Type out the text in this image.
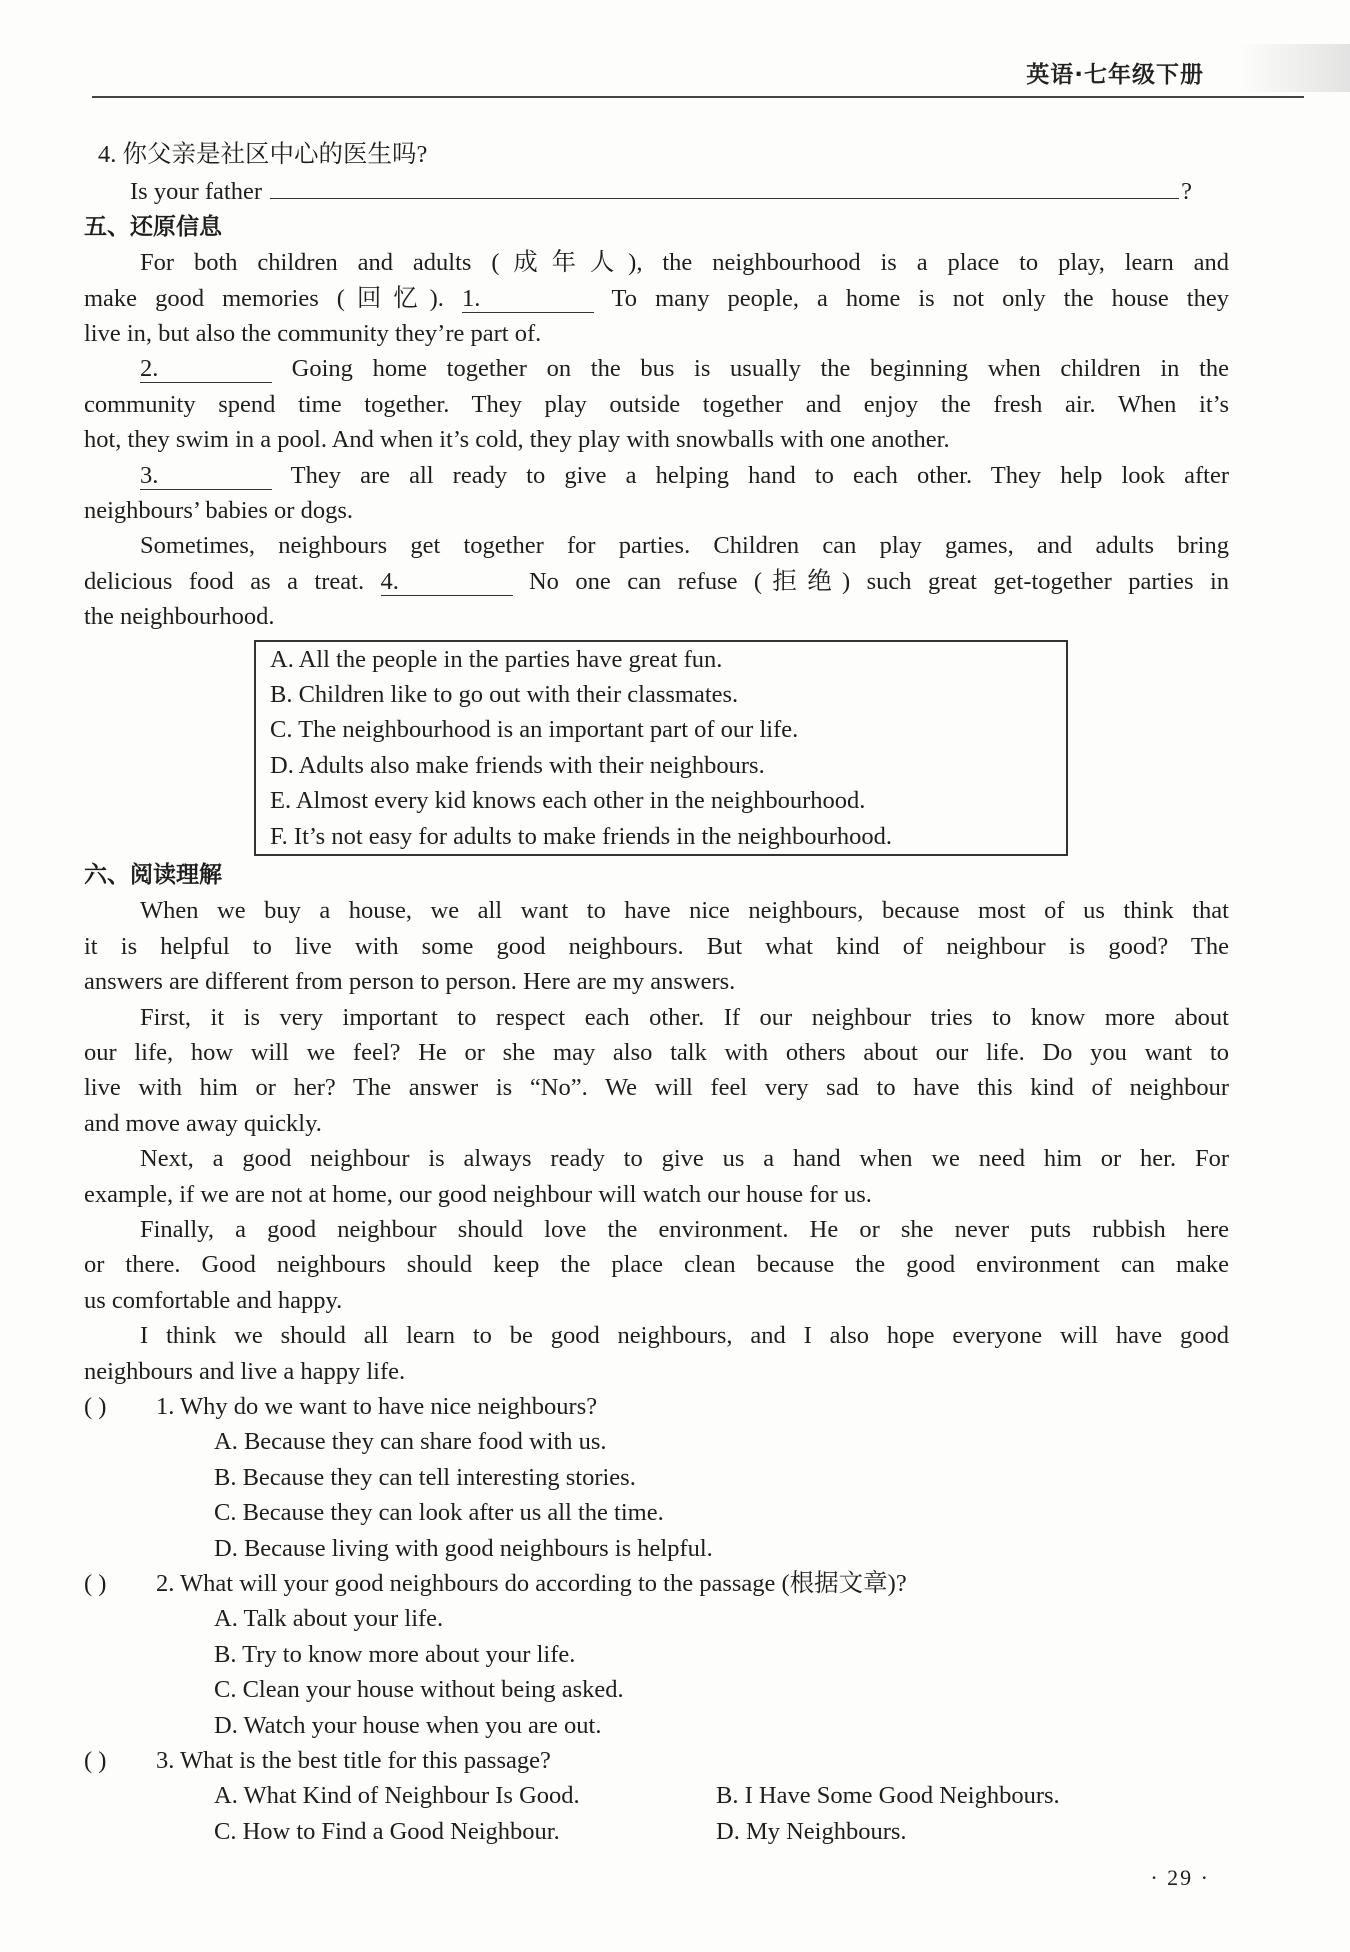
英语·七年级下册
4. 你父亲是社区中心的医生吗?
Is your father	?
五、还原信息
For both children and adults (成年人), the neighbourhood is a place to play, learn and
make good memories (回忆). 1.	To many people, a home is not only the house they
live in, but also the community they’re part of.
2.	Going home together on the bus is usually the beginning when children in the
community spend time together. They play outside together and enjoy the fresh air. When it’s
hot, they swim in a pool. And when it’s cold, they play with snowballs with one another.
3.	They are all ready to give a helping hand to each other. They help look after
neighbours’ babies or dogs.
Sometimes, neighbours get together for parties. Children can play games, and adults bring
delicious food as a treat. 4.	No one can refuse (拒绝) such great get-together parties in
the neighbourhood.
A. All the people in the parties have great fun.
B. Children like to go out with their classmates.
C. The neighbourhood is an important part of our life.
D. Adults also make friends with their neighbours.
E. Almost every kid knows each other in the neighbourhood.
F. It’s not easy for adults to make friends in the neighbourhood.
六、阅读理解
When we buy a house, we all want to have nice neighbours, because most of us think that
it is helpful to live with some good neighbours. But what kind of neighbour is good? The
answers are different from person to person. Here are my answers.
First, it is very important to respect each other. If our neighbour tries to know more about
our life, how will we feel? He or she may also talk with others about our life. Do you want to
live with him or her? The answer is “No”. We will feel very sad to have this kind of neighbour
and move away quickly.
Next, a good neighbour is always ready to give us a hand when we need him or her. For
example, if we are not at home, our good neighbour will watch our house for us.
Finally, a good neighbour should love the environment. He or she never puts rubbish here
or there. Good neighbours should keep the place clean because the good environment can make
us comfortable and happy.
I think we should all learn to be good neighbours, and I also hope everyone will have good
neighbours and live a happy life.
( )	1. Why do we want to have nice neighbours?
A. Because they can share food with us.
B. Because they can tell interesting stories.
C. Because they can look after us all the time.
D. Because living with good neighbours is helpful.
( )	2. What will your good neighbours do according to the passage (根据文章)?
A. Talk about your life.
B. Try to know more about your life.
C. Clean your house without being asked.
D. Watch your house when you are out.
( )	3. What is the best title for this passage?
A. What Kind of Neighbour Is Good.	B. I Have Some Good Neighbours.
C. How to Find a Good Neighbour.	D. My Neighbours.
· 29 ·
